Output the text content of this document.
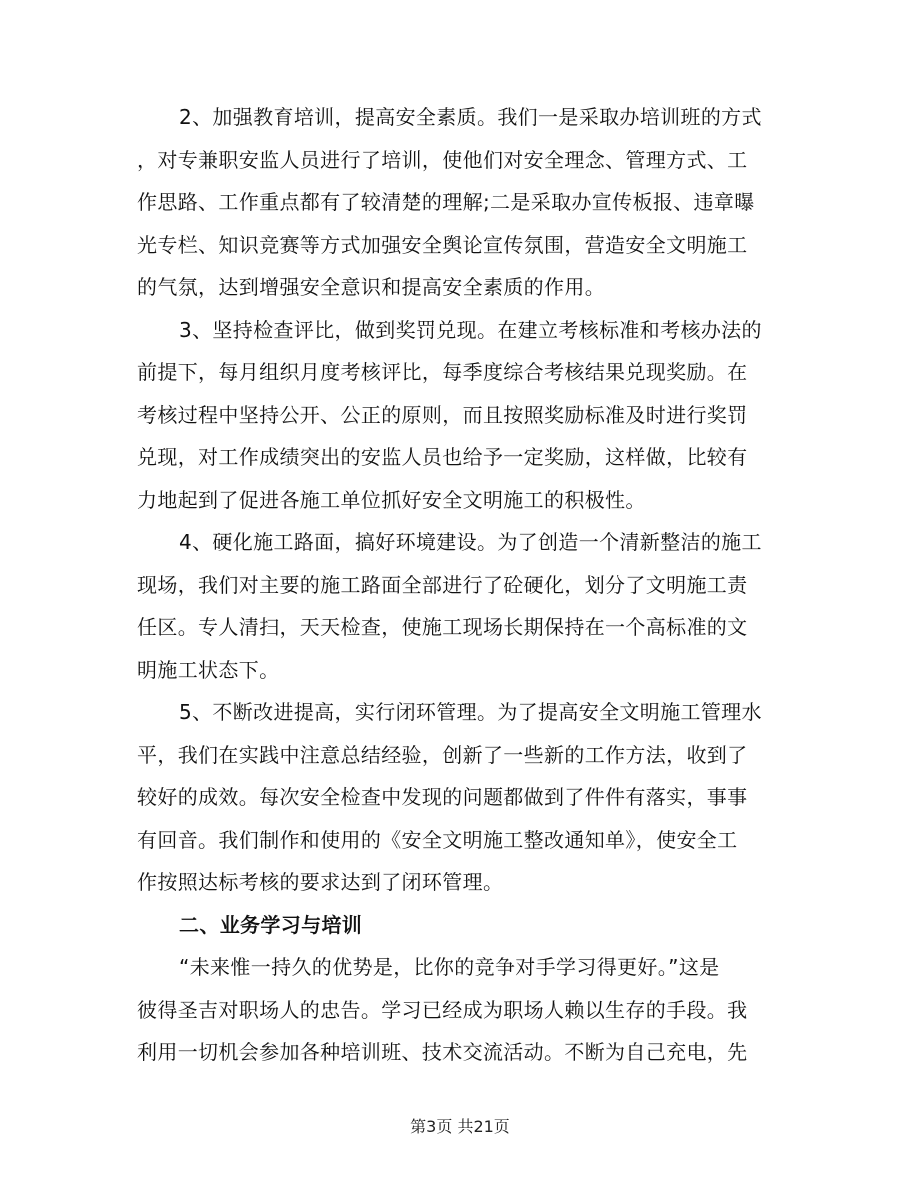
2、加强教育培训，提高安全素质。我们一是采取办培训班的方式
，对专兼职安监人员进行了培训，使他们对安全理念、管理方式、工
作思路、工作重点都有了较清楚的理解;二是采取办宣传板报、违章曝
光专栏、知识竞赛等方式加强安全舆论宣传氛围，营造安全文明施工
的气氛，达到增强安全意识和提高安全素质的作用。
3、坚持检查评比，做到奖罚兑现。在建立考核标准和考核办法的
前提下，每月组织月度考核评比，每季度综合考核结果兑现奖励。在
考核过程中坚持公开、公正的原则，而且按照奖励标准及时进行奖罚
兑现，对工作成绩突出的安监人员也给予一定奖励，这样做，比较有
力地起到了促进各施工单位抓好安全文明施工的积极性。
4、硬化施工路面，搞好环境建设。为了创造一个清新整洁的施工
现场，我们对主要的施工路面全部进行了砼硬化，划分了文明施工责
任区。专人清扫，天天检查，使施工现场长期保持在一个高标准的文
明施工状态下。
5、不断改进提高，实行闭环管理。为了提高安全文明施工管理水
平，我们在实践中注意总结经验，创新了一些新的工作方法，收到了
较好的成效。每次安全检查中发现的问题都做到了件件有落实，事事
有回音。我们制作和使用的《安全文明施工整改通知单》，使安全工
作按照达标考核的要求达到了闭环管理。
二、业务学习与培训
“未来惟一持久的优势是，比你的竞争对手学习得更好。”这是
彼得圣吉对职场人的忠告。学习已经成为职场人赖以生存的手段。我
利用一切机会参加各种培训班、技术交流活动。不断为自己充电，先
第3页 共21页
